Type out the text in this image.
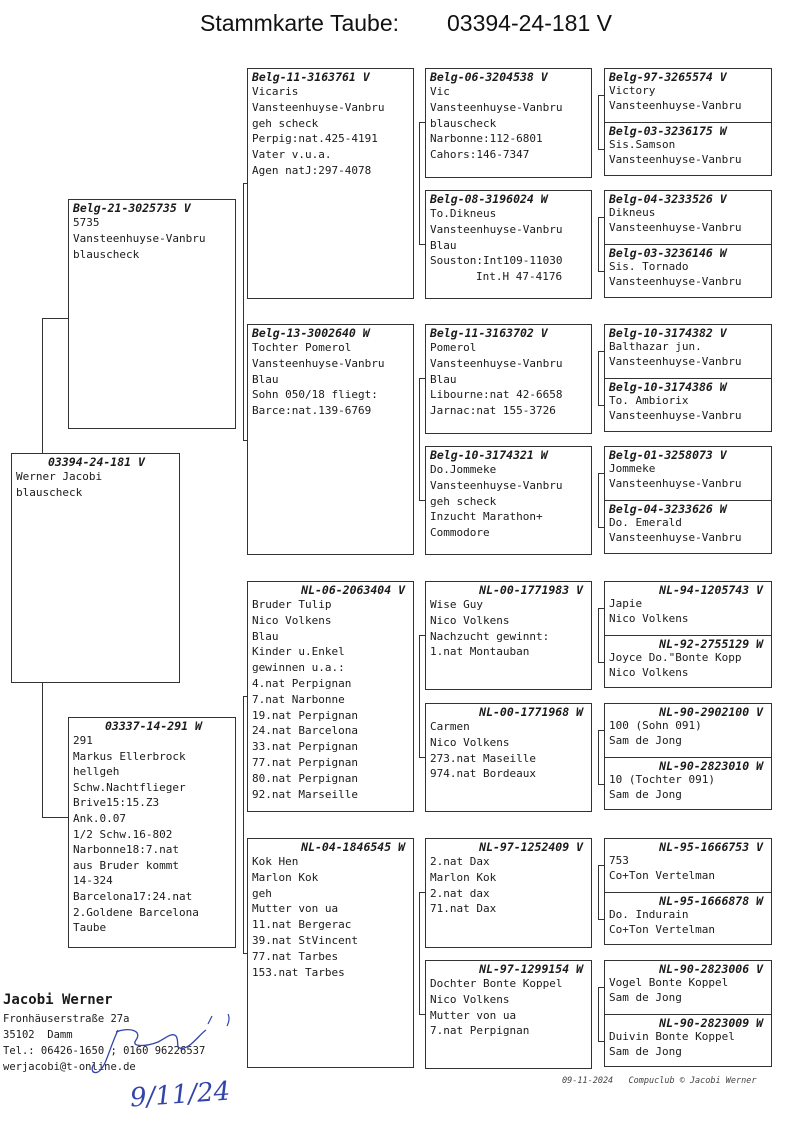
Stammkarte Taube: 03394-24-181 V
03394-24-181 V
Werner Jacobi
blauscheck
Belg-21-3025735 V
5735
Vansteenhuyse-Vanbru
blauscheck
03337-14-291 W
291
Markus Ellerbrock
hellgeh
Schw.Nachtflieger
Brive15:15.Z3
Ank.0.07
1/2 Schw.16-802
Narbonne18:7.nat
aus Bruder kommt
14-324
Barcelona17:24.nat
2.Goldene Barcelona
Taube
Belg-11-3163761 V
Vicaris
Vansteenhuyse-Vanbru
geh scheck
Perpig:nat.425-4191
Vater v.u.a.
Agen natJ:297-4078
Belg-13-3002640 W
Tochter Pomerol
Vansteenhuyse-Vanbru
Blau
Sohn 050/18 fliegt:
Barce:nat.139-6769
NL-06-2063404 V
Bruder Tulip
Nico Volkens
Blau
Kinder u.Enkel
gewinnen u.a.:
4.nat Perpignan
7.nat Narbonne
19.nat Perpignan
24.nat Barcelona
33.nat Perpignan
77.nat Perpignan
80.nat Perpignan
92.nat Marseille
NL-04-1846545 W
Kok Hen
Marlon Kok
geh
Mutter von ua
11.nat Bergerac
39.nat StVincent
77.nat Tarbes
153.nat Tarbes
Belg-06-3204538 V
Vic
Vansteenhuyse-Vanbru
blauscheck
Narbonne:112-6801
Cahors:146-7347
Belg-08-3196024 W
To.Dikneus
Vansteenhuyse-Vanbru
Blau
Souston:Int109-11030
Int.H 47-4176
Belg-11-3163702 V
Pomerol
Vansteenhuyse-Vanbru
Blau
Libourne:nat 42-6658
Jarnac:nat 155-3726
Belg-10-3174321 W
Do.Jommeke
Vansteenhuyse-Vanbru
geh scheck
Inzucht Marathon+
Commodore
NL-00-1771983 V
Wise Guy
Nico Volkens
Nachzucht gewinnt:
1.nat Montauban
NL-00-1771968 W
Carmen
Nico Volkens
273.nat Maseille
974.nat Bordeaux
NL-97-1252409 V
2.nat Dax
Marlon Kok
2.nat dax
71.nat Dax
NL-97-1299154 W
Dochter Bonte Koppel
Nico Volkens
Mutter von ua
7.nat Perpignan
Belg-97-3265574 V
Victory
Vansteenhuyse-Vanbru
Belg-03-3236175 W
Sis.Samson
Vansteenhuyse-Vanbru
Belg-04-3233526 V
Dikneus
Vansteenhuyse-Vanbru
Belg-03-3236146 W
Sis. Tornado
Vansteenhuyse-Vanbru
Belg-10-3174382 V
Balthazar jun.
Vansteenhuyse-Vanbru
Belg-10-3174386 W
To. Ambiorix
Vansteenhuyse-Vanbru
Belg-01-3258073 V
Jommeke
Vansteenhuyse-Vanbru
Belg-04-3233626 W
Do. Emerald
Vansteenhuyse-Vanbru
NL-94-1205743 V
Japie
Nico Volkens
NL-92-2755129 W
Joyce Do."Bonte Kopp
Nico Volkens
NL-90-2902100 V
100 (Sohn 091)
Sam de Jong
NL-90-2823010 W
10 (Tochter 091)
Sam de Jong
NL-95-1666753 V
753
Co+Ton Vertelman
NL-95-1666878 W
Do. Indurain
Co+Ton Vertelman
NL-90-2823006 V
Vogel Bonte Koppel
Sam de Jong
NL-90-2823009 W
Duivin Bonte Koppel
Sam de Jong
Jacobi Werner
Fronhäuserstraße 27a
35102  Damm
Tel.: 06426-1650 ; 0160 96226537
werjacobi@t-online.de
9/11/24	09-11-2024   Compuclub © Jacobi Werner
